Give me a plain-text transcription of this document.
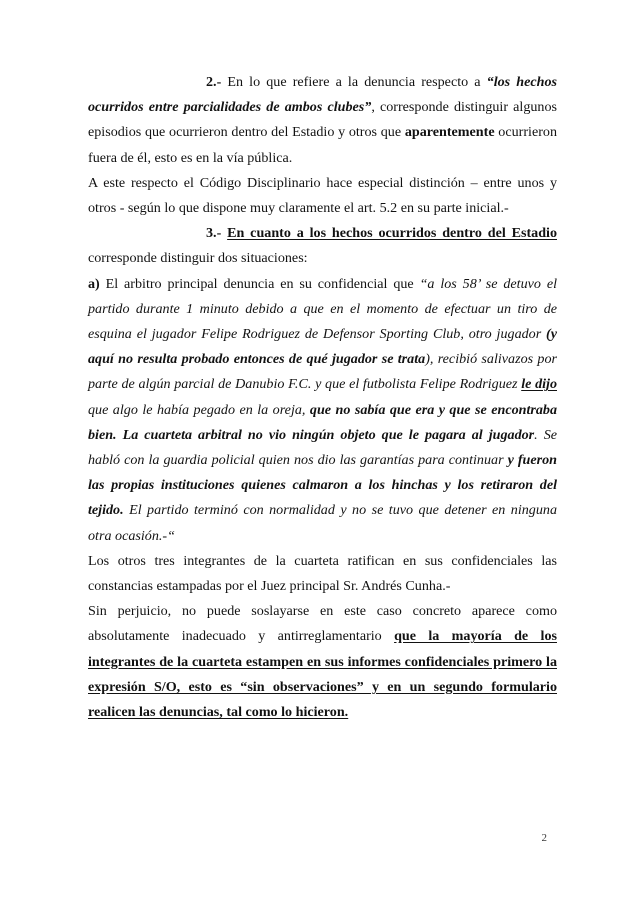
2.- En lo que refiere a la denuncia respecto a “los hechos ocurridos entre parcialidades de ambos clubes”, corresponde distinguir algunos episodios que ocurrieron dentro del Estadio y otros que aparentemente ocurrieron fuera de él, esto es en la vía pública.

A este respecto el Código Disciplinario hace especial distinción – entre unos y otros - según lo que dispone muy claramente el art. 5.2 en su parte inicial.-

3.- En cuanto a los hechos ocurridos dentro del Estadio corresponde distinguir dos situaciones:

a) El arbitro principal denuncia en su confidencial que “a los 58’ se detuvo el partido durante 1 minuto debido a que en el momento de efectuar un tiro de esquina el jugador Felipe Rodriguez de Defensor Sporting Club, otro jugador (y aquí no resulta probado entonces de qué jugador se trata), recibió salivazos por parte de algún parcial de Danubio F.C. y que el futbolista Felipe Rodriguez le dijo que algo le había pegado en la oreja, que no sabía que era y que se encontraba bien. La cuarteta arbitral no vio ningún objeto que le pagara al jugador. Se habló con la guardia policial quien nos dio las garantías para continuar y fueron las propias instituciones quienes calmaron a los hinchas y los retiraron del tejido. El partido terminó con normalidad y no se tuvo que detener en ninguna otra ocasión.-“

Los otros tres integrantes de la cuarteta ratifican en sus confidenciales las constancias estampadas por el Juez principal Sr. Andrés Cunha.-

Sin perjuicio, no puede soslayarse en este caso concreto aparece como absolutamente inadecuado y antirreglamentario que la mayoría de los integrantes de la cuarteta estampen en sus informes confidenciales primero la expresión S/O, esto es “sin observaciones” y en un segundo formulario realicen las denuncias, tal como lo hicieron.

2
